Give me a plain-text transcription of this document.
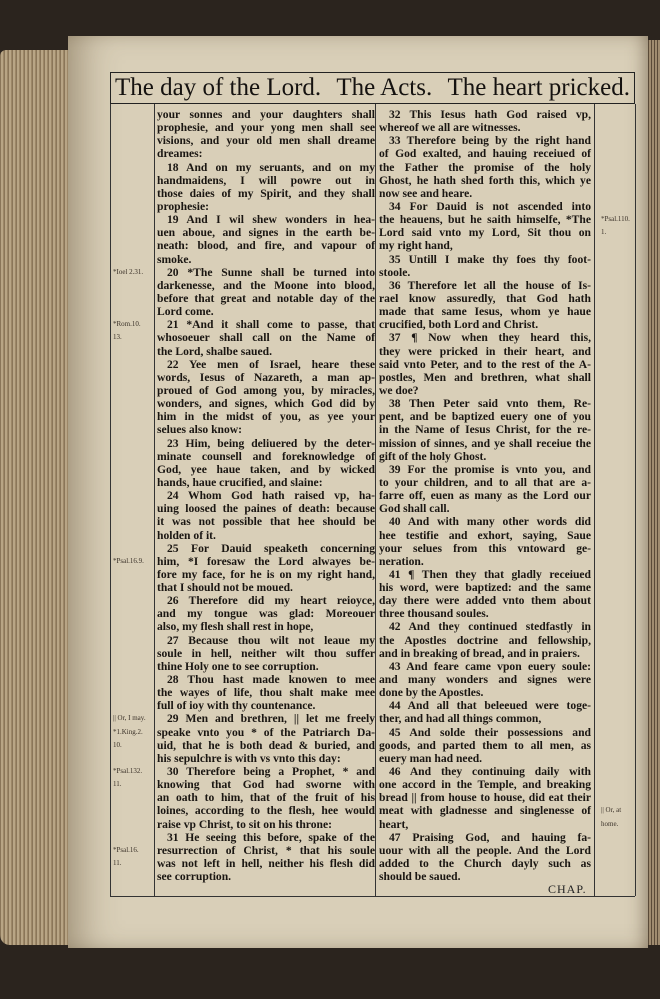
The day of the Lord. The Acts. The heart pricked.
your sonnes and your daughters shall
prophesie, and your yong men shall see
visions, and your old men shall dreame
dreames:
18 And on my seruants, and on my
handmaidens, I will powre out in
those daies of my Spirit, and they shall
prophesie:
19 And I wil shew wonders in hea-
uen aboue, and signes in the earth be-
neath: blood, and fire, and vapour of
smoke.
20 *The Sunne shall be turned into
*Ioel 2.31.
darkenesse, and the Moone into blood,
before that great and notable day of the
Lord come.
21 *And it shall come to passe, that
*Rom.10.
whosoeuer shall call on the Name of
13.
the Lord, shalbe saued.
22 Yee men of Israel, heare these
words, Iesus of Nazareth, a man ap-
proued of God among you, by miracles,
wonders, and signes, which God did by
him in the midst of you, as yee your
selues also know:
23 Him, being deliuered by the deter-
minate counsell and foreknowledge of
God, yee haue taken, and by wicked
hands, haue crucified, and slaine:
24 Whom God hath raised vp, ha-
uing loosed the paines of death: because
it was not possible that hee should be
holden of it.
25 For Dauid speaketh concerning
him, *I foresaw the Lord alwayes be-
*Psal.16.9.
fore my face, for he is on my right hand,
that I should not be moued.
26 Therefore did my heart reioyce,
and my tongue was glad: Moreouer
also, my flesh shall rest in hope,
27 Because thou wilt not leaue my
soule in hell, neither wilt thou suffer
thine Holy one to see corruption.
28 Thou hast made knowen to mee
the wayes of life, thou shalt make mee
full of ioy with thy countenance.
29 Men and brethren, || let me freely
|| Or, I may.
speake vnto you * of the Patriarch Da-
*1.King.2.
uid, that he is both dead & buried, and
10.
his sepulchre is with vs vnto this day:
30 Therefore being a Prophet, * and
*Psal.132.
knowing that God had sworne with
11.
an oath to him, that of the fruit of his
loines, according to the flesh, hee would
raise vp Christ, to sit on his throne:
31 He seeing this before, spake of the
resurrection of Christ, * that his soule
*Psal.16.
was not left in hell, neither his flesh did
11.
see corruption.
32 This Iesus hath God raised vp,
whereof we all are witnesses.
33 Therefore being by the right hand
of God exalted, and hauing receiued of
the Father the promise of the holy
Ghost, he hath shed forth this, which ye
now see and heare.
34 For Dauid is not ascended into
the heauens, but he saith himselfe, *The *Psal.110.
Lord said vnto my Lord, Sit thou on 1.
my right hand,
35 Untill I make thy foes thy foot-
stoole.
36 Therefore let all the house of Is-
rael know assuredly, that God hath
made that same Iesus, whom ye haue
crucified, both Lord and Christ.
37 ¶ Now when they heard this,
they were pricked in their heart, and
said vnto Peter, and to the rest of the A-
postles, Men and brethren, what shall
we doe?
38 Then Peter said vnto them, Re-
pent, and be baptized euery one of you
in the Name of Iesus Christ, for the re-
mission of sinnes, and ye shall receiue the
gift of the holy Ghost.
39 For the promise is vnto you, and
to your children, and to all that are a-
farre off, euen as many as the Lord our
God shall call.
40 And with many other words did
hee testifie and exhort, saying, Saue
your selues from this vntoward ge-
neration.
41 ¶ Then they that gladly receiued
his word, were baptized: and the same
day there were added vnto them about
three thousand soules.
42 And they continued stedfastly in
the Apostles doctrine and fellowship,
and in breaking of bread, and in praiers.
43 And feare came vpon euery soule:
and many wonders and signes were
done by the Apostles.
44 And all that beleeued were toge-
ther, and had all things common,
45 And solde their possessions and
goods, and parted them to all men, as
euery man had need.
46 And they continuing daily with
one accord in the Temple, and breaking
bread || from house to house, did eat their
meat with gladnesse and singlenesse of || Or, at
heart,	home.
47 Praising God, and hauing fa-
uour with all the people. And the Lord
added to the Church dayly such as
should be saued.
CHAP.
